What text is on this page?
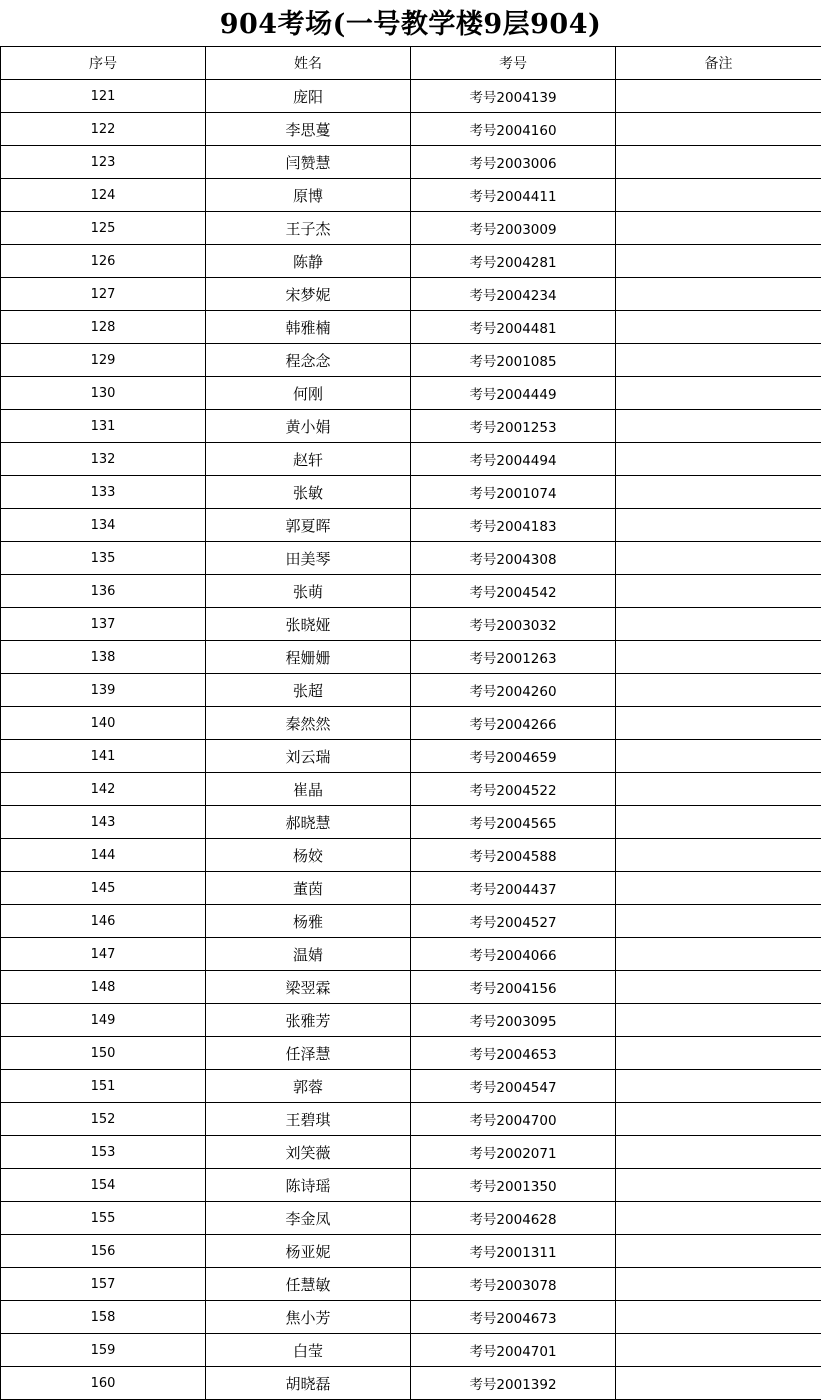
904考场(一号教学楼9层904)
序号	姓名	考号	备注
121	庞阳	考号2004139	
122	李思蔓	考号2004160	
123	闫赞慧	考号2003006	
124	原博	考号2004411	
125	王子杰	考号2003009	
126	陈静	考号2004281	
127	宋梦妮	考号2004234	
128	韩雅楠	考号2004481	
129	程念念	考号2001085	
130	何刚	考号2004449	
131	黄小娟	考号2001253	
132	赵轩	考号2004494	
133	张敏	考号2001074	
134	郭夏晖	考号2004183	
135	田美琴	考号2004308	
136	张萌	考号2004542	
137	张晓娅	考号2003032	
138	程姗姗	考号2001263	
139	张超	考号2004260	
140	秦然然	考号2004266	
141	刘云瑞	考号2004659	
142	崔晶	考号2004522	
143	郝晓慧	考号2004565	
144	杨姣	考号2004588	
145	董茵	考号2004437	
146	杨雅	考号2004527	
147	温婧	考号2004066	
148	梁翌霖	考号2004156	
149	张雅芳	考号2003095	
150	任泽慧	考号2004653	
151	郭蓉	考号2004547	
152	王碧琪	考号2004700	
153	刘笑薇	考号2002071	
154	陈诗瑶	考号2001350	
155	李金凤	考号2004628	
156	杨亚妮	考号2001311	
157	任慧敏	考号2003078	
158	焦小芳	考号2004673	
159	白莹	考号2004701	
160	胡晓磊	考号2001392	
